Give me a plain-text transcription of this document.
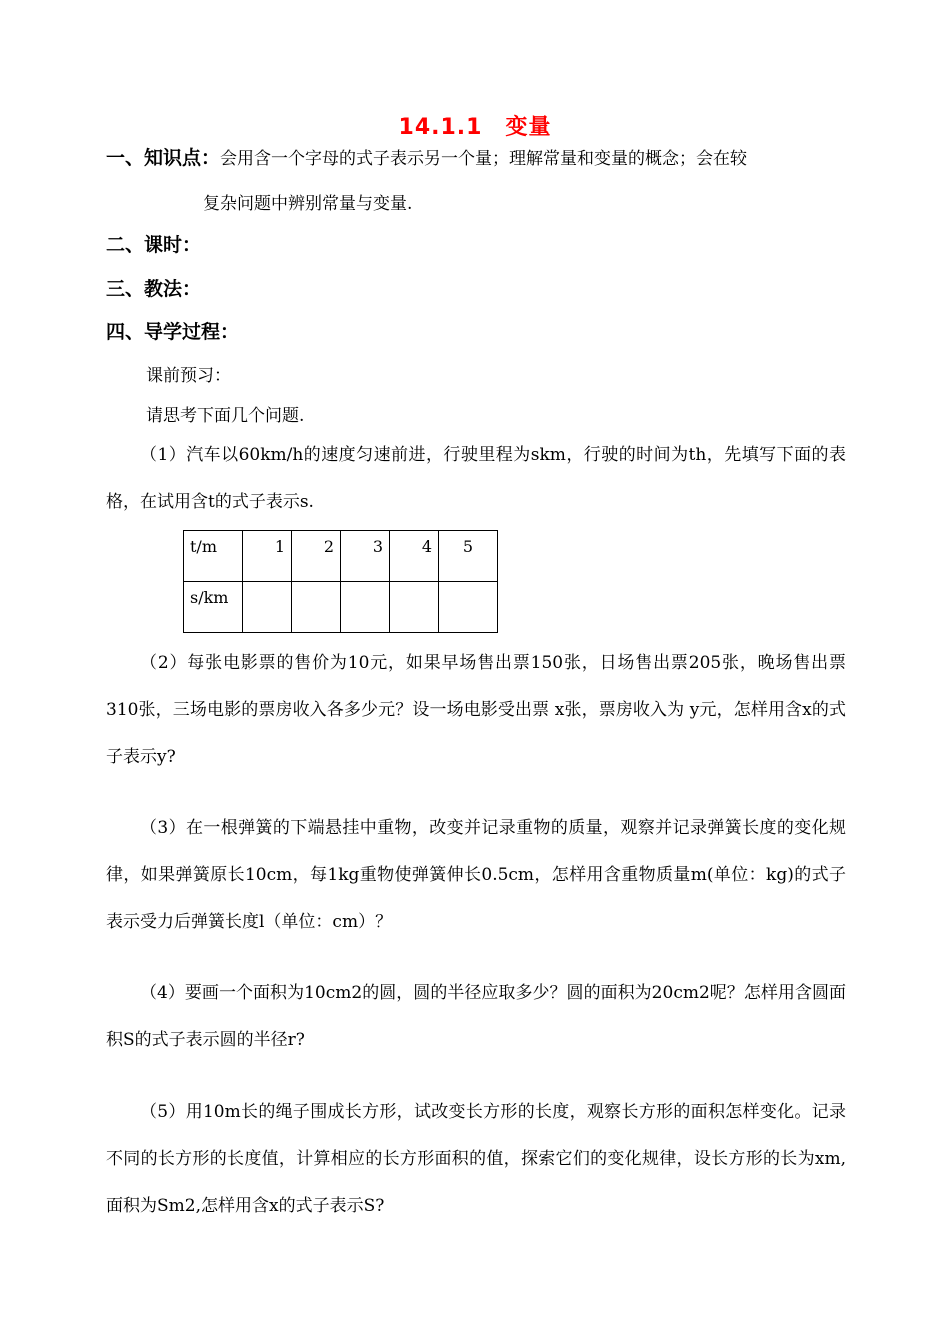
14.1.1　变量
一、知识点：会用含一个字母的式子表示另一个量；理解常量和变量的概念；会在较
复杂问题中辨别常量与变量.
二、课时：
三、教法：
四、导学过程：
课前预习：
请思考下面几个问题.
（1）汽车以60km/h的速度匀速前进，行驶里程为skm，行驶的时间为th，先填写下面的表格，在试用含t的式子表示s.
t/m	1	2	3	4	5
s/km					
（2）每张电影票的售价为10元，如果早场售出票150张，日场售出票205张，晚场售出票310张，三场电影的票房收入各多少元？设一场电影受出票 x张，票房收入为 y元，怎样用含x的式子表示y?
（3）在一根弹簧的下端悬挂中重物，改变并记录重物的质量，观察并记录弹簧长度的变化规律，如果弹簧原长10cm，每1kg重物使弹簧伸长0.5cm，怎样用含重物质量m(单位：kg)的式子表示受力后弹簧长度l（单位：cm）？
（4）要画一个面积为10cm2的圆，圆的半径应取多少？圆的面积为20cm2呢？怎样用含圆面积S的式子表示圆的半径r?
（5）用10m长的绳子围成长方形，试改变长方形的长度，观察长方形的面积怎样变化。记录不同的长方形的长度值，计算相应的长方形面积的值，探索它们的变化规律，设长方形的长为xm,面积为Sm2,怎样用含x的式子表示S?
